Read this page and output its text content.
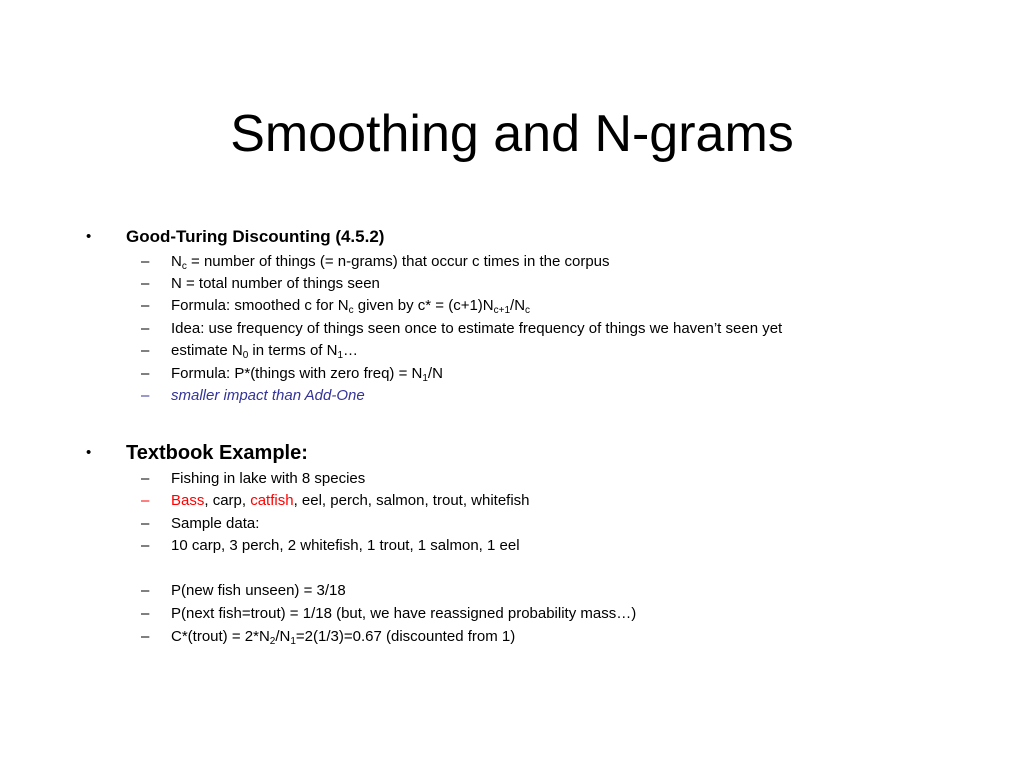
Smoothing and N-grams
• Good-Turing Discounting (4.5.2)
– $N_c$ = number of things (= n-grams) that occur c times in the corpus
– N = total number of things seen
– Formula: smoothed c for $N_c$ given by $c* = (c+1)N_{c+1}/N_c$
– Idea: use frequency of things seen once to estimate frequency of things we haven’t seen yet
– estimate $N_0$ in terms of $N_1\dots$
– Formula: P*(things with zero freq) = $N_1/N$
– smaller impact than Add-One
• Textbook Example:
– Fishing in lake with 8 species
– Bass, carp, catfish, eel, perch, salmon, trout, whitefish
– Sample data:
– 10 carp, 3 perch, 2 whitefish, 1 trout, 1 salmon, 1 eel
– P(new fish unseen) = 3/18
– P(next fish=trout) = 1/18 (but, we have reassigned probability mass…)
– C*(trout) = $2*N_2/N_1=2(1/3)=0.67$ (discounted from 1)
